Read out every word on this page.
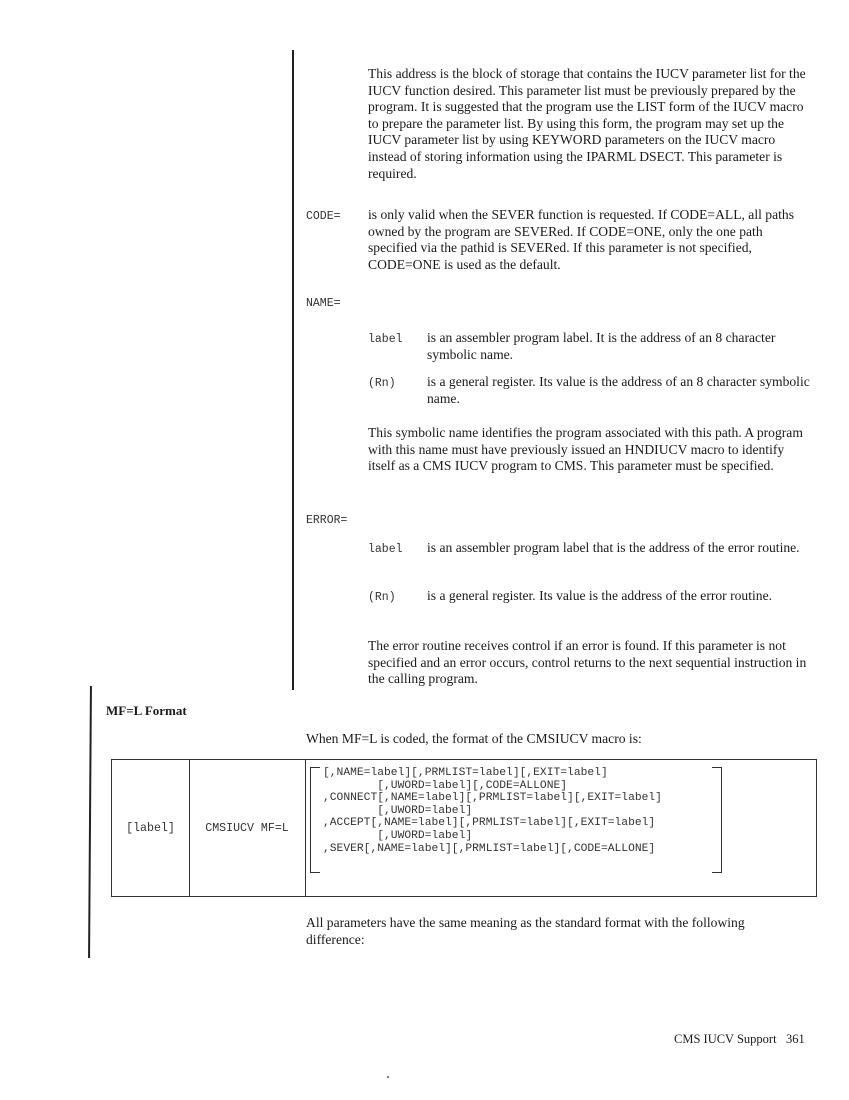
This address is the block of storage that contains the IUCV parameter list for the IUCV function desired. This parameter list must be previously prepared by the program. It is suggested that the program use the LIST form of the IUCV macro to prepare the parameter list. By using this form, the program may set up the IUCV parameter list by using KEYWORD parameters on the IUCV macro instead of storing information using the IPARML DSECT. This parameter is required.

CODE= is only valid when the SEVER function is requested. If CODE=ALL, all paths owned by the program are SEVERed. If CODE=ONE, only the one path specified via the pathid is SEVERed. If this parameter is not specified, CODE=ONE is used as the default.

NAME=
label is an assembler program label. It is the address of an 8 character symbolic name.

(Rn) is a general register. Its value is the address of an 8 character symbolic name.

This symbolic name identifies the program associated with this path. A program with this name must have previously issued an HNDIUCV macro to identify itself as a CMS IUCV program to CMS. This parameter must be specified.

ERROR=
label is an assembler program label that is the address of the error routine.

(Rn) is a general register. Its value is the address of the error routine.

The error routine receives control if an error is found. If this parameter is not specified and an error occurs, control returns to the next sequential instruction in the calling program.

MF=L Format

When MF=L is coded, the format of the CMSIUCV macro is:

[label]	CMSIUCV MF=L
[,NAME=label][,PRMLIST=label][,EXIT=label]
[,UWORD=label][,CODE=ALLONE]
,CONNECT[,NAME=label][,PRMLIST=label][,EXIT=label]
[,UWORD=label]
,ACCEPT[,NAME=label][,PRMLIST=label][,EXIT=label]
[,UWORD=label]
,SEVER[,NAME=label][,PRMLIST=label][,CODE=ALLONE]

All parameters have the same meaning as the standard format with the following difference:

CMS IUCV Support 361
